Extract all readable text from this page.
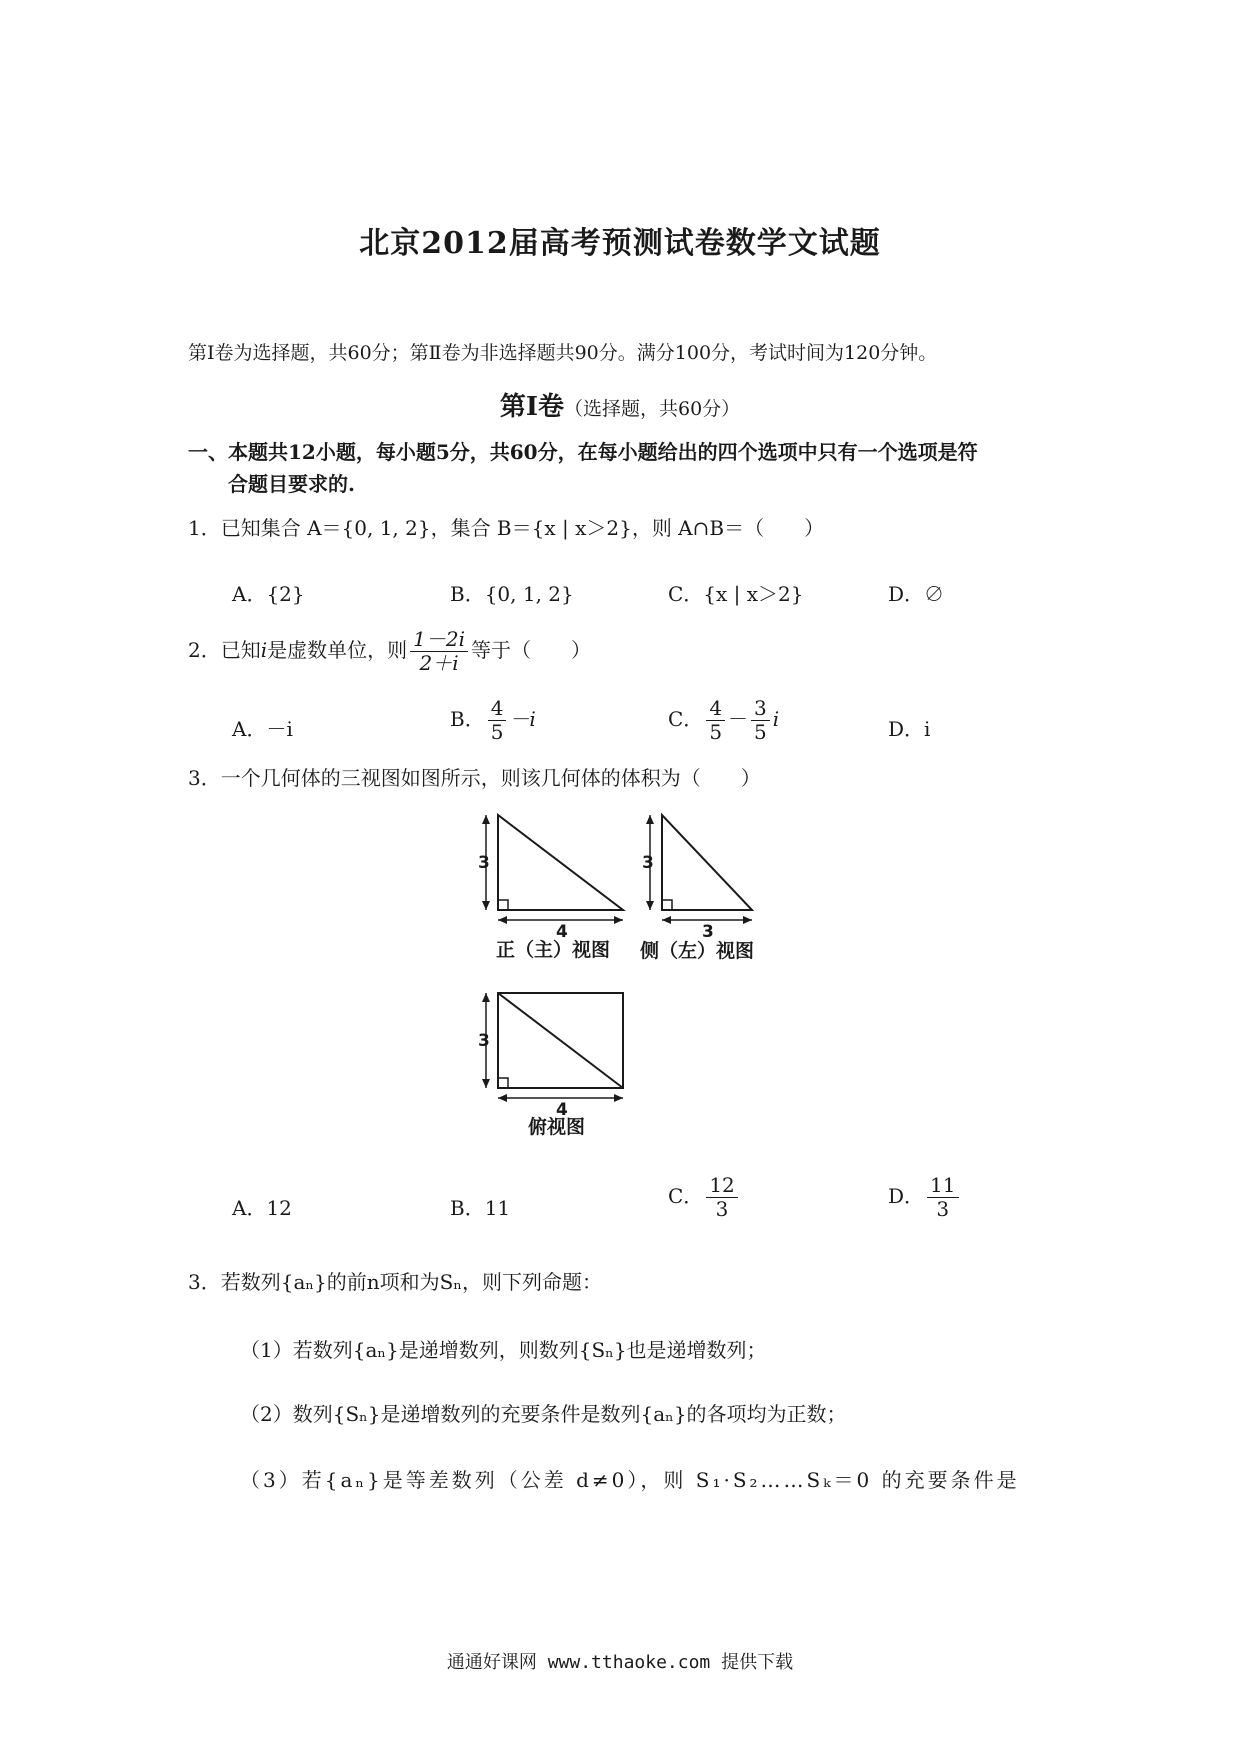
北京2012届高考预测试卷数学文试题
第Ⅰ卷为选择题，共60分；第Ⅱ卷为非选择题共90分。满分100分，考试时间为120分钟。
第Ⅰ卷（选择题，共60分）
一、本题共12小题，每小题5分，共60分，在每小题给出的四个选项中只有一个选项是符
合题目要求的.
1．已知集合 A＝{0, 1, 2}，集合 B＝{x | x＞2}，则 A∩B＝（　　）
A．{2}	B．{0, 1, 2}	C．{x | x＞2}	D．∅
2．已知i是虚数单位，则 $\frac{1-2i}{2+i}$ 等于（　　）
A．－i	B． $\frac{4}{5} -i$	C． $\frac{4}{5} - \frac{3}{5}$ i	D．i
3．一个几何体的三视图如图所示，则该几何体的体积为（　　）
3
4
正（主）视图
3
3
侧（左）视图
3
4
俯视图
A．12	B．11	C． $\frac{12}{3}$	D． $\frac{11}{3}$
3．若数列{aₙ}的前n项和为Sₙ，则下列命题：
（1）若数列{aₙ}是递增数列，则数列{Sₙ}也是递增数列；
（2）数列{Sₙ}是递增数列的充要条件是数列{aₙ}的各项均为正数；
（3）若{aₙ}是等差数列（公差 d≠0），则 S₁·S₂……Sₖ＝0 的充要条件是
通通好课网 www.tthaoke.com 提供下载
